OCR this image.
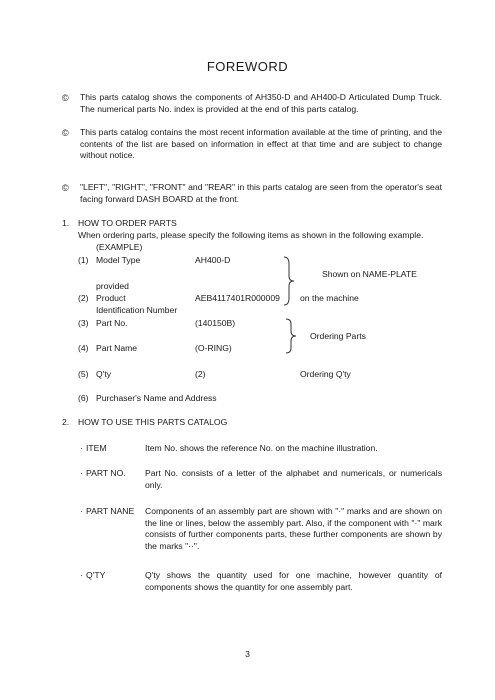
FOREWORD
© This parts catalog shows the components of AH350-D and AH400-D Articulated Dump Truck. The numerical parts No. index is provided at the end of this parts catalog.
© This parts catalog contains the most recent information available at the time of printing, and the contents of the list are based on information in effect at that time and are subject to change without notice.
© "LEFT", "RIGHT", "FRONT" and "REAR" in this parts catalog are seen from the operator's seat facing forward DASH BOARD at the front.
1. HOW TO ORDER PARTS
When ordering parts, please specify the following items as shown in the following example.
(EXAMPLE)
(1) Model Type	AH400-D
Shown on NAME-PLATE
provided
(2) Product	AEB4117401R000009 on the machine
Identification Number
(3) Part No.	(140150B)
Ordering Parts
(4) Part Name	(O-RING)
(5) Q'ty	(2)	Ordering Q'ty
(6) Purchaser's Name and Address
2. HOW TO USE THIS PARTS CATALOG
· ITEM	Item No. shows the reference No. on the machine illustration.
· PART NO. Part No. consists of a letter of the alphabet and numericals, or numericals only.
· PART NANE Components of an assembly part are shown with "·" marks and are shown on the line or lines, below the assembly part. Also, if the component with "·" mark consists of further components parts, these further components are shown by the marks "··".
· Q'TY	Q'ty shows the quantity used for one machine, however quantity of components shows the quantity for one assembly part.
3
